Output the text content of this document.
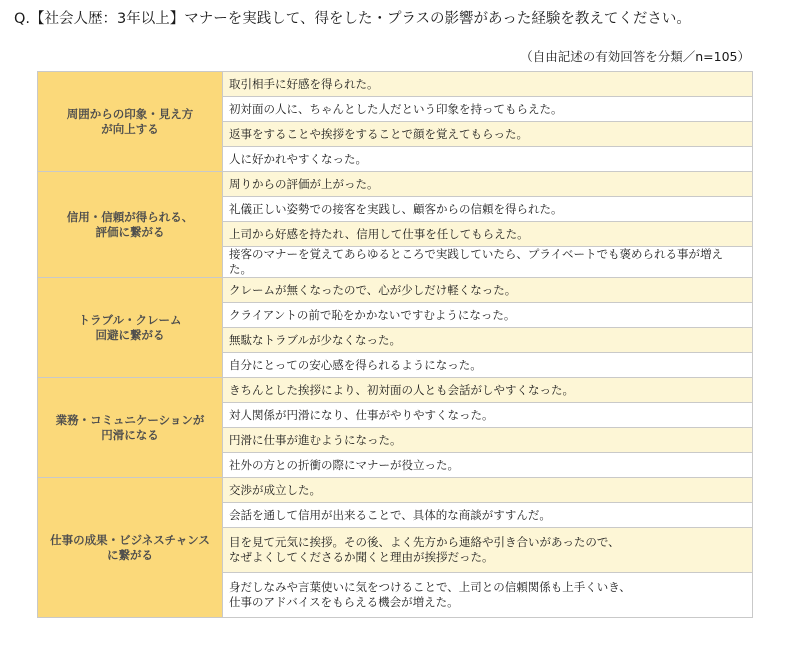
Q.【社会人歴：3年以上】マナーを実践して、得をした・プラスの影響があった経験を教えてください。
（自由記述の有効回答を分類／n=105）
周囲からの印象・見え方
が向上する	取引相手に好感を得られた。
	初対面の人に、ちゃんとした人だという印象を持ってもらえた。
	返事をすることや挨拶をすることで顔を覚えてもらった。
	人に好かれやすくなった。
信用・信頼が得られる、
評価に繋がる	周りからの評価が上がった。
	礼儀正しい姿勢での接客を実践し、顧客からの信頼を得られた。
	上司から好感を持たれ、信用して仕事を任してもらえた。
	接客のマナーを覚えてあらゆるところで実践していたら、プライベートでも褒められる事が増えた。
トラブル・クレーム
回避に繋がる	クレームが無くなったので、心が少しだけ軽くなった。
	クライアントの前で恥をかかないですむようになった。
	無駄なトラブルが少なくなった。
	自分にとっての安心感を得られるようになった。
業務・コミュニケーションが
円滑になる	きちんとした挨拶により、初対面の人とも会話がしやすくなった。
	対人関係が円滑になり、仕事がやりやすくなった。
	円滑に仕事が進むようになった。
	社外の方との折衝の際にマナーが役立った。
仕事の成果・ビジネスチャンス
に繋がる	交渉が成立した。
	会話を通して信用が出来ることで、具体的な商談がすすんだ。
	目を見て元気に挨拶。その後、よく先方から連絡や引き合いがあったので、
なぜよくしてくださるか聞くと理由が挨拶だった。
	身だしなみや言葉使いに気をつけることで、上司との信頼関係も上手くいき、
仕事のアドバイスをもらえる機会が増えた。
